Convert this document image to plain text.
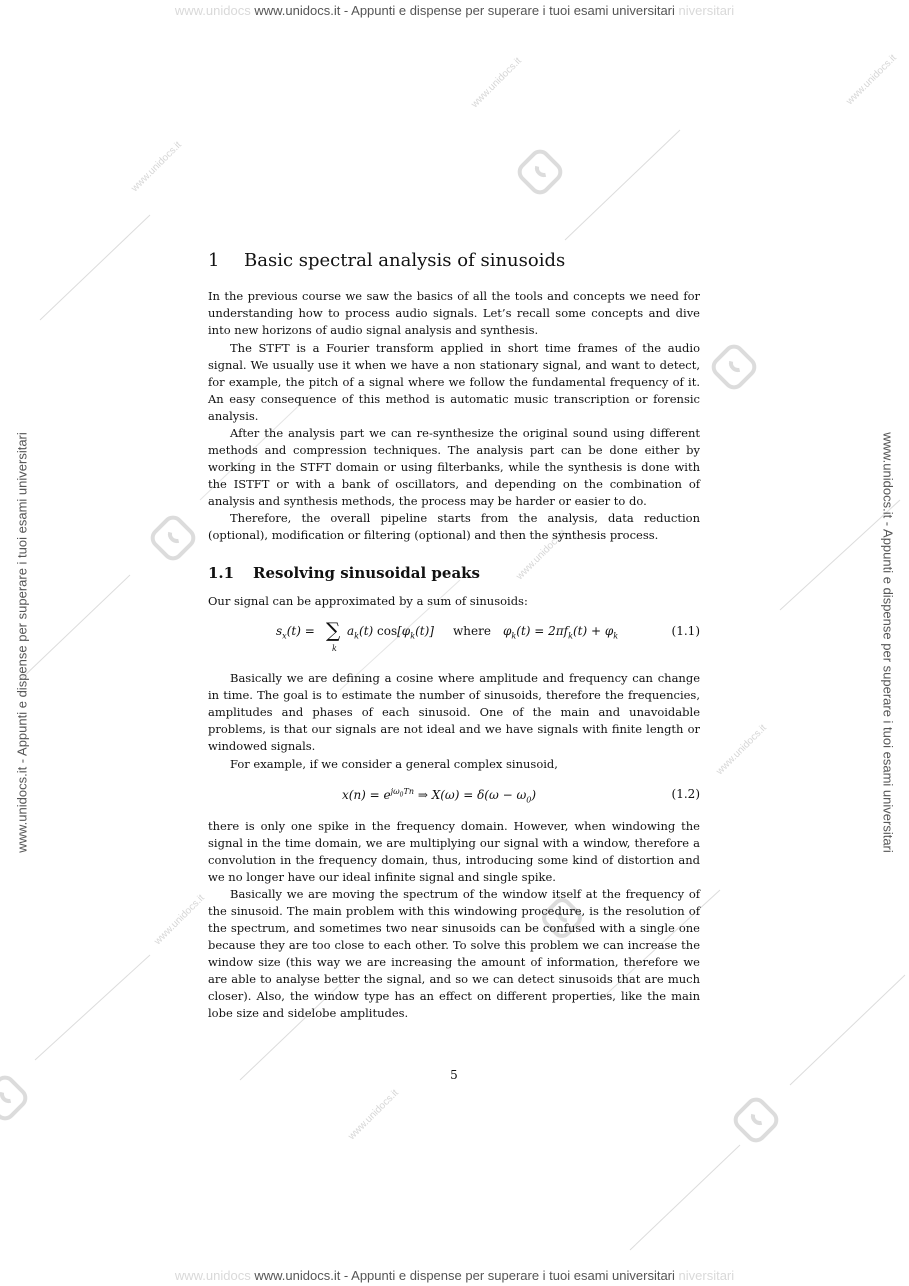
www.unidocs.it
www.unidocs.it
www.unidocs.it
www.unidocs.it
www.unidocs.it
www.unidocs.it
www.unidocs.it
www.unidocs www.unidocs.it - Appunti e dispense per superare i tuoi esami universitari niversitari
www.unidocs www.unidocs.it - Appunti e dispense per superare i tuoi esami universitari niversitari
www.unidocs.it - Appunti e dispense per superare i tuoi esami universitari	www.unidocs.it - Appunti e dispense per superare i tuoi esami universitari
1 Basic spectral analysis of sinusoids

In the previous course we saw the basics of all the tools and concepts we need for understanding how to process audio signals. Let’s recall some concepts and dive into new horizons of audio signal analysis and synthesis.

The STFT is a Fourier transform applied in short time frames of the audio signal. We usually use it when we have a non stationary signal, and want to detect, for example, the pitch of a signal where we follow the fundamental frequency of it. An easy consequence of this method is automatic music transcription or forensic analysis.

After the analysis part we can re-synthesize the original sound using different methods and compression techniques. The analysis part can be done either by working in the STFT domain or using filterbanks, while the synthesis is done with the ISTFT or with a bank of oscillators, and depending on the combination of analysis and synthesis methods, the process may be harder or easier to do.

Therefore, the overall pipeline starts from the analysis, data reduction (optional), modification or filtering (optional) and then the synthesis process.

1.1 Resolving sinusoidal peaks

Our signal can be approximated by a sum of sinusoids:

$s_x(t)$ = ∑
k
$a_k(t)$ $\cos[\varphi_k(t)]$ where $\varphi_k(t) = 2\pi f_k(t) + \varphi_k$	(1.1)

Basically we are defining a cosine where amplitude and frequency can change in time. The goal is to estimate the number of sinusoids, therefore the frequencies, amplitudes and phases of each sinusoid. One of the main and unavoidable problems, is that our signals are not ideal and we have signals with finite length or windowed signals.

For example, if we consider a general complex sinusoid,

$x(n) = e^{j\omega_0Tn}$ ⇒ $X(\omega) = \delta(\omega - \omega_0)$	(1.2)

there is only one spike in the frequency domain. However, when windowing the signal in the time domain, we are multiplying our signal with a window, therefore a convolution in the frequency domain, thus, introducing some kind of distortion and we no longer have our ideal infinite signal and single spike.

Basically we are moving the spectrum of the window itself at the frequency of the sinusoid. The main problem with this windowing procedure, is the resolution of the spectrum, and sometimes two near sinusoids can be confused with a single one because they are too close to each other. To solve this problem we can increase the window size (this way we are increasing the amount of information, therefore we are able to analyse better the signal, and so we can detect sinusoids that are much closer). Also, the window type has an effect on different properties, like the main lobe size and sidelobe amplitudes.

5
